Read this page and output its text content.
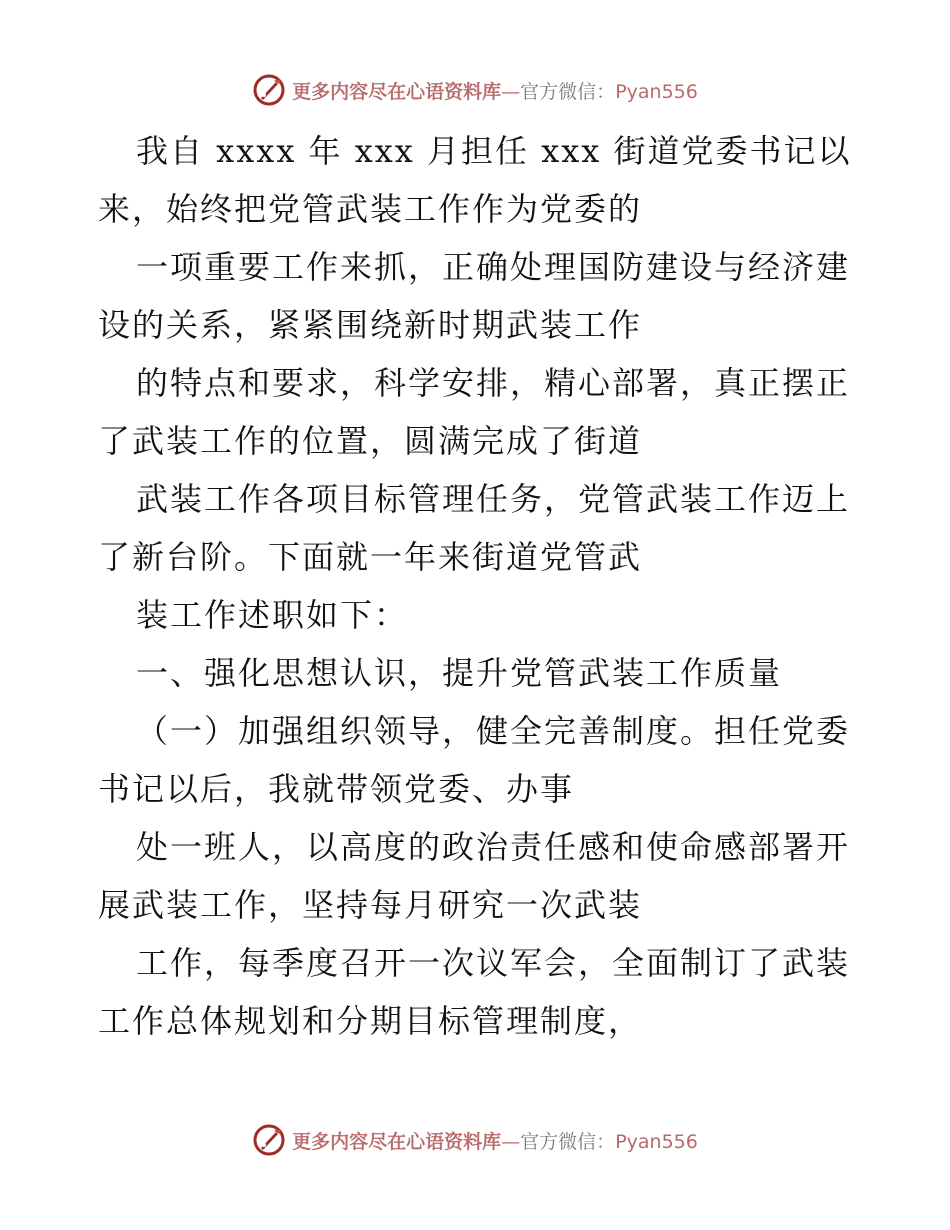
更多内容尽在心语资料库—官方微信：Pyan556
我自 xxxx 年 xxx 月担任 xxx 街道党委书记以
来，始终把党管武装工作作为党委的
一项重要工作来抓，正确处理国防建设与经济建
设的关系，紧紧围绕新时期武装工作
的特点和要求，科学安排，精心部署，真正摆正
了武装工作的位置，圆满完成了街道
武装工作各项目标管理任务，党管武装工作迈上
了新台阶。下面就一年来街道党管武
装工作述职如下：
一、强化思想认识，提升党管武装工作质量
（一）加强组织领导，健全完善制度。担任党委
书记以后，我就带领党委、办事
处一班人，以高度的政治责任感和使命感部署开
展武装工作，坚持每月研究一次武装
工作，每季度召开一次议军会，全面制订了武装
工作总体规划和分期目标管理制度，
更多内容尽在心语资料库—官方微信：Pyan556
